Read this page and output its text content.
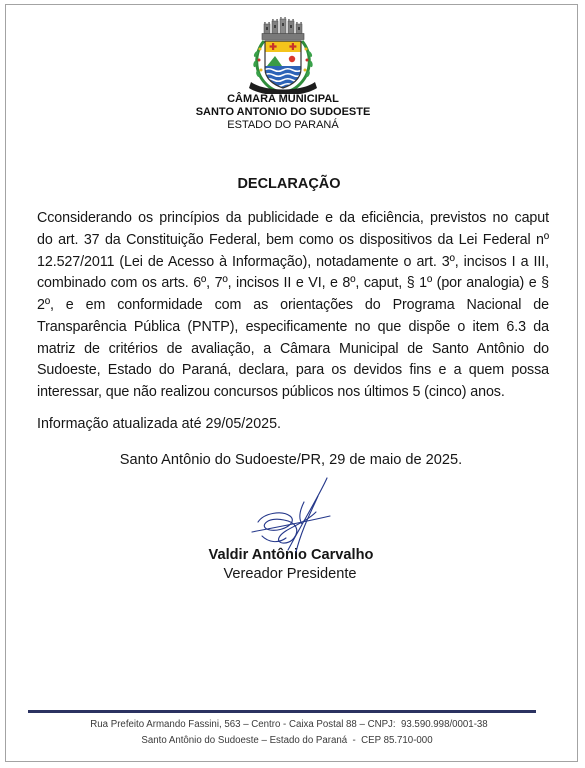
CÂMARA MUNICIPAL
SANTO ANTONIO DO SUDOESTE
ESTADO DO PARANÁ
DECLARAÇÃO
Cconsiderando os princípios da publicidade e da eficiência, previstos no caput
do art. 37 da Constituição Federal, bem como os dispositivos da Lei Federal nº
12.527/2011 (Lei de Acesso à Informação), notadamente o art. 3º, incisos I a III,
combinado com os arts. 6º, 7º, incisos II e VI, e 8º, caput, § 1º (por analogia) e §
2º, e em conformidade com as orientações do Programa Nacional de
Transparência Pública (PNTP), especificamente no que dispõe o item 6.3 da
matriz de critérios de avaliação, a Câmara Municipal de Santo Antônio do
Sudoeste, Estado do Paraná, declara, para os devidos fins e a quem possa
interessar, que não realizou concursos públicos nos últimos 5 (cinco) anos.
Informação atualizada até 29/05/2025.
Santo Antônio do Sudoeste/PR, 29 de maio de 2025.
Valdir Antônio Carvalho
Vereador Presidente
Rua Prefeito Armando Fassini, 563 – Centro - Caixa Postal 88 – CNPJ:  93.590.998/0001-38
Santo Antônio do Sudoeste – Estado do Paraná  -  CEP 85.710-000
